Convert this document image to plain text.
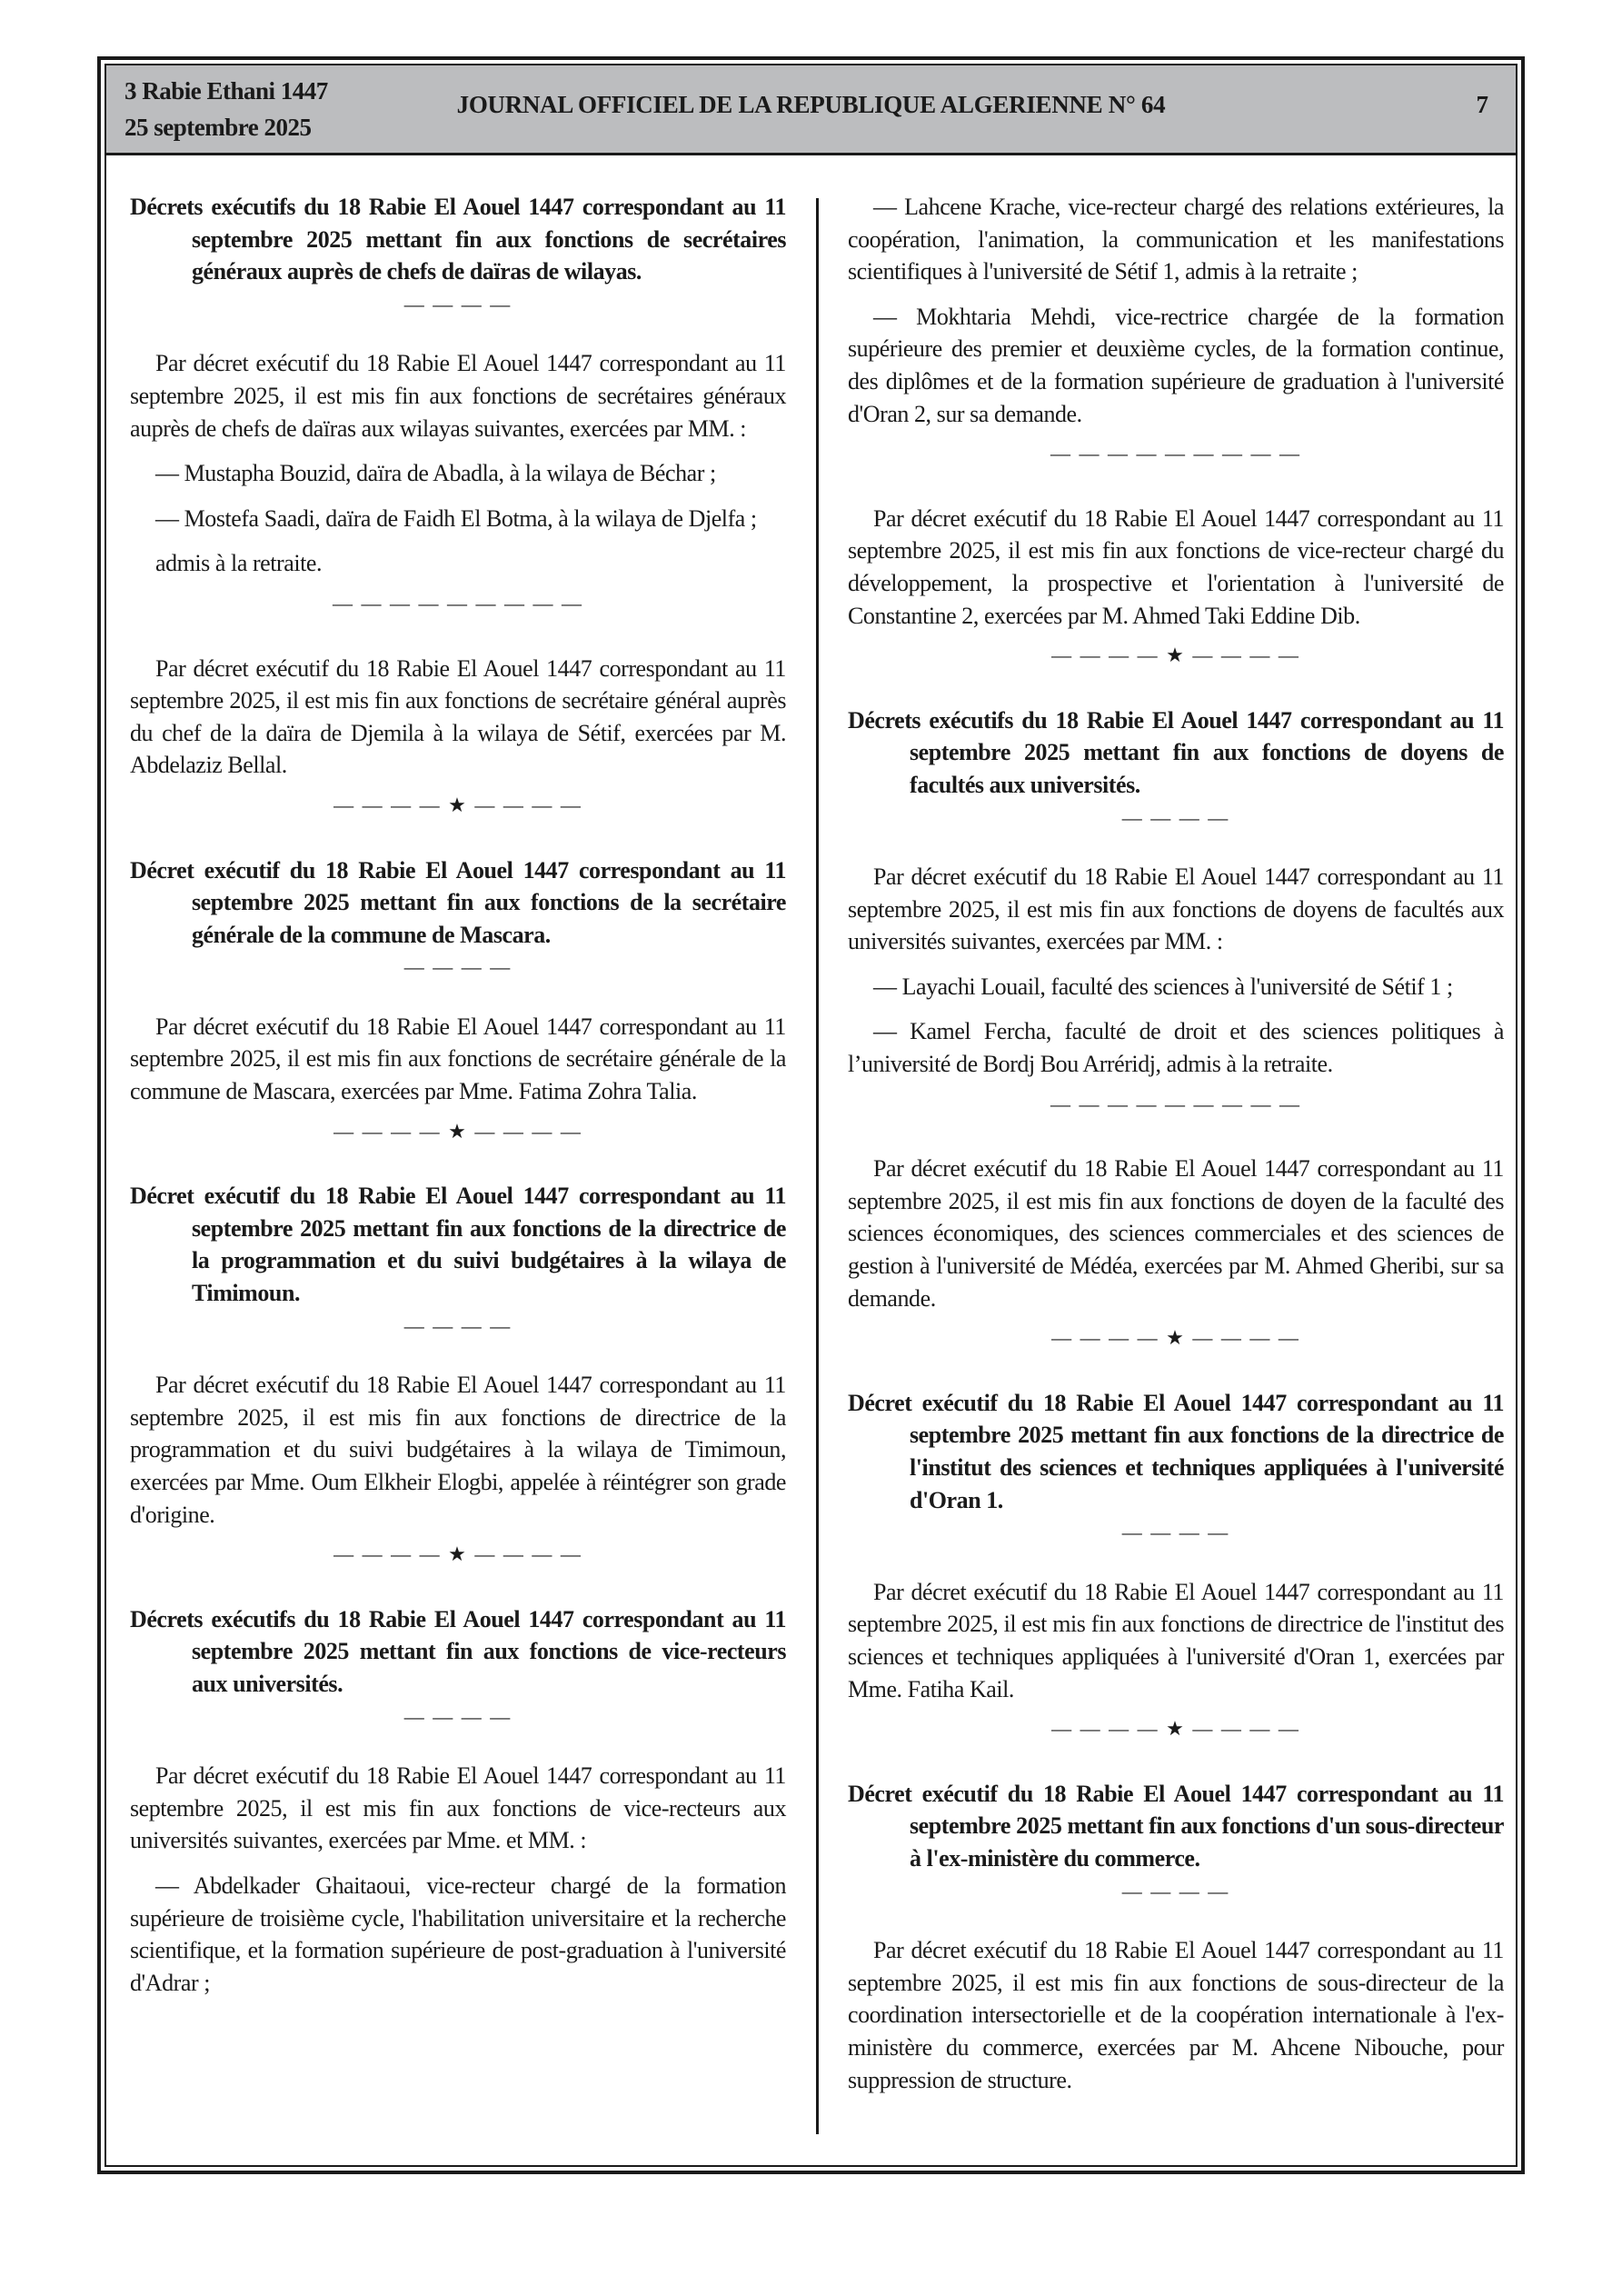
3 Rabie Ethani 1447
25 septembre 2025
JOURNAL OFFICIEL DE LA REPUBLIQUE ALGERIENNE N° 64	7

Décrets exécutifs du 18 Rabie El Aouel 1447 correspondant au 11 septembre 2025 mettant fin aux fonctions de secrétaires généraux auprès de chefs de daïras de wilayas.

— — — —

Par décret exécutif du 18 Rabie El Aouel 1447 correspondant au 11 septembre 2025, il est mis fin aux fonctions de secrétaires généraux auprès de chefs de daïras aux wilayas suivantes, exercées par MM. :

— Mustapha Bouzid, daïra de Abadla, à la wilaya de Béchar ;

— Mostefa Saadi, daïra de Faidh El Botma, à la wilaya de Djelfa ;

admis à la retraite.

— — — — — — — — —

Par décret exécutif du 18 Rabie El Aouel 1447 correspondant au 11 septembre 2025, il est mis fin aux fonctions de secrétaire général auprès du chef de la daïra de Djemila à la wilaya de Sétif, exercées par M. Abdelaziz Bellal.

— — — — ★ — — — —

Décret exécutif du 18 Rabie El Aouel 1447 correspondant au 11 septembre 2025 mettant fin aux fonctions de la secrétaire générale de la commune de Mascara.

— — — —

Par décret exécutif du 18 Rabie El Aouel 1447 correspondant au 11 septembre 2025, il est mis fin aux fonctions de secrétaire générale de la commune de Mascara, exercées par Mme. Fatima Zohra Talia.

— — — — ★ — — — —

Décret exécutif du 18 Rabie El Aouel 1447 correspondant au 11 septembre 2025 mettant fin aux fonctions de la directrice de la programmation et du suivi budgétaires à la wilaya de Timimoun.

— — — —

Par décret exécutif du 18 Rabie El Aouel 1447 correspondant au 11 septembre 2025, il est mis fin aux fonctions de directrice de la programmation et du suivi budgétaires à la wilaya de Timimoun, exercées par Mme. Oum Elkheir Elogbi, appelée à réintégrer son grade d'origine.

— — — — ★ — — — —

Décrets exécutifs du 18 Rabie El Aouel 1447 correspondant au 11 septembre 2025 mettant fin aux fonctions de vice-recteurs aux universités.

— — — —

Par décret exécutif du 18 Rabie El Aouel 1447 correspondant au 11 septembre 2025, il est mis fin aux fonctions de vice-recteurs aux universités suivantes, exercées par Mme. et MM. :

— Abdelkader Ghaitaoui, vice-recteur chargé de la formation supérieure de troisième cycle, l'habilitation universitaire et la recherche scientifique, et la formation supérieure de post-graduation à l'université d'Adrar ;

— Lahcene Krache, vice-recteur chargé des relations extérieures, la coopération, l'animation, la communication et les manifestations scientifiques à l'université de Sétif 1, admis à la retraite ;

— Mokhtaria Mehdi, vice-rectrice chargée de la formation supérieure des premier et deuxième cycles, de la formation continue, des diplômes et de la formation supérieure de graduation à l'université d'Oran 2, sur sa demande.

— — — — — — — — —

Par décret exécutif du 18 Rabie El Aouel 1447 correspondant au 11 septembre 2025, il est mis fin aux fonctions de vice-recteur chargé du développement, la prospective et l'orientation à l'université de Constantine 2, exercées par M. Ahmed Taki Eddine Dib.

— — — — ★ — — — —

Décrets exécutifs du 18 Rabie El Aouel 1447 correspondant au 11 septembre 2025 mettant fin aux fonctions de doyens de facultés aux universités.

— — — —

Par décret exécutif du 18 Rabie El Aouel 1447 correspondant au 11 septembre 2025, il est mis fin aux fonctions de doyens de facultés aux universités suivantes, exercées par MM. :

— Layachi Louail, faculté des sciences à l'université de Sétif 1 ;

— Kamel Fercha, faculté de droit et des sciences politiques à l’université de Bordj Bou Arréridj, admis à la retraite.

— — — — — — — — —

Par décret exécutif du 18 Rabie El Aouel 1447 correspondant au 11 septembre 2025, il est mis fin aux fonctions de doyen de la faculté des sciences économiques, des sciences commerciales et des sciences de gestion à l'université de Médéa, exercées par M. Ahmed Gheribi, sur sa demande.

— — — — ★ — — — —

Décret exécutif du 18 Rabie El Aouel 1447 correspondant au 11 septembre 2025 mettant fin aux fonctions de la directrice de l'institut des sciences et techniques appliquées à l'université d'Oran 1.

— — — —

Par décret exécutif du 18 Rabie El Aouel 1447 correspondant au 11 septembre 2025, il est mis fin aux fonctions de directrice de l'institut des sciences et techniques appliquées à l'université d'Oran 1, exercées par Mme. Fatiha Kail.

— — — — ★ — — — —

Décret exécutif du 18 Rabie El Aouel 1447 correspondant au 11 septembre 2025 mettant fin aux fonctions d'un sous-directeur à l'ex-ministère du commerce.

— — — —

Par décret exécutif du 18 Rabie El Aouel 1447 correspondant au 11 septembre 2025, il est mis fin aux fonctions de sous-directeur de la coordination intersectorielle et de la coopération internationale à l'ex-ministère du commerce, exercées par M. Ahcene Nibouche, pour suppression de structure.
